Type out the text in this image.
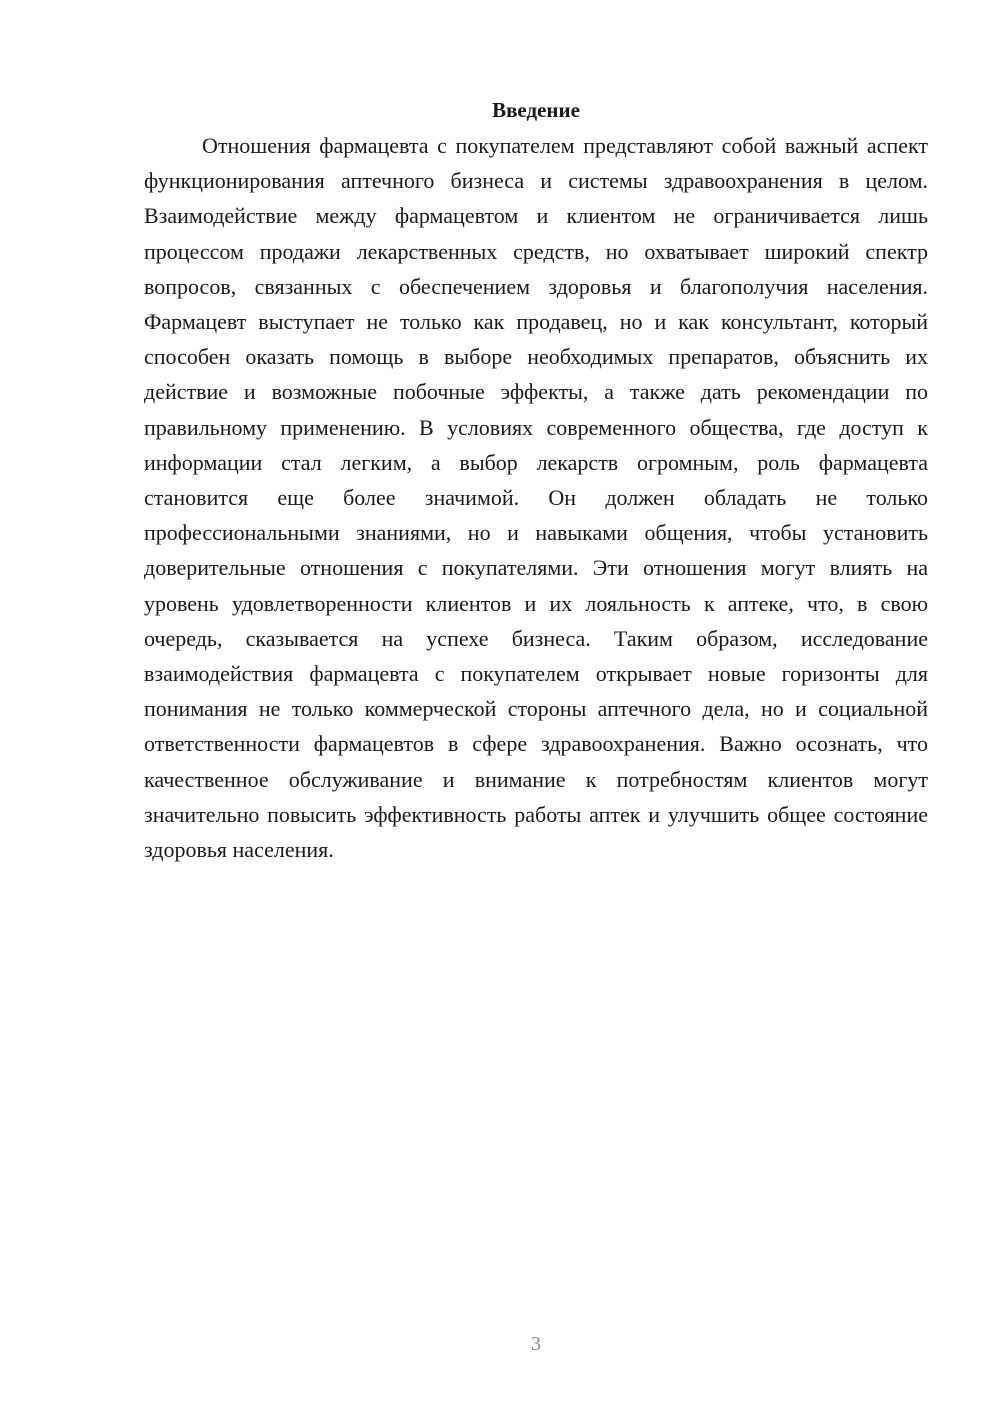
Введение

Отношения фармацевта с покупателем представляют собой важный аспект функционирования аптечного бизнеса и системы здравоохранения в целом. Взаимодействие между фармацевтом и клиентом не ограничивается лишь процессом продажи лекарственных средств, но охватывает широкий спектр вопросов, связанных с обеспечением здоровья и благополучия населения. Фармацевт выступает не только как продавец, но и как консультант, который способен оказать помощь в выборе необходимых препаратов, объяснить их действие и возможные побочные эффекты, а также дать рекомендации по правильному применению. В условиях современного общества, где доступ к информации стал легким, а выбор лекарств огромным, роль фармацевта становится еще более значимой. Он должен обладать не только профессиональными знаниями, но и навыками общения, чтобы установить доверительные отношения с покупателями. Эти отношения могут влиять на уровень удовлетворенности клиентов и их лояльность к аптеке, что, в свою очередь, сказывается на успехе бизнеса. Таким образом, исследование взаимодействия фармацевта с покупателем открывает новые горизонты для понимания не только коммерческой стороны аптечного дела, но и социальной ответственности фармацевтов в сфере здравоохранения. Важно осознать, что качественное обслуживание и внимание к потребностям клиентов могут значительно повысить эффективность работы аптек и улучшить общее состояние здоровья населения.

3
